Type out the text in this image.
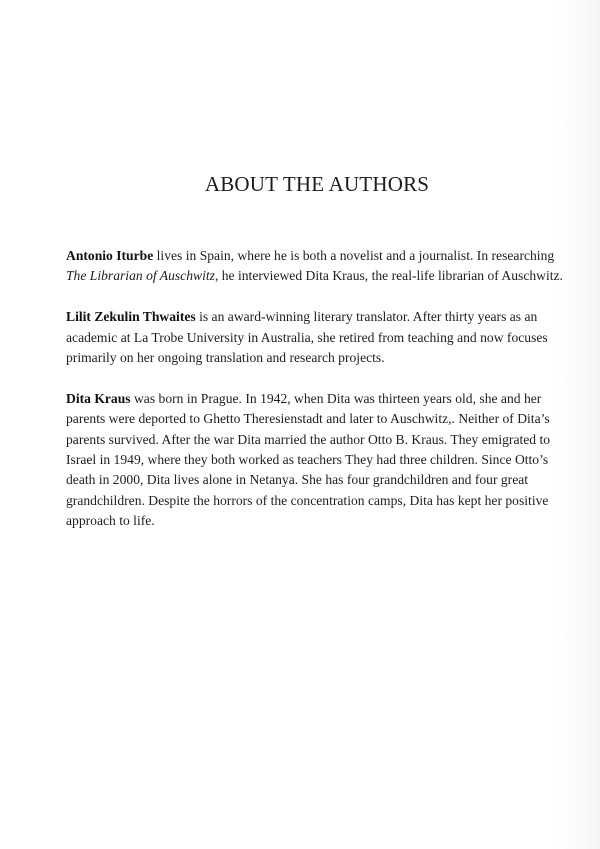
ABOUT THE AUTHORS

Antonio Iturbe lives in Spain, where he is both a novelist and a journalist. In researching The Librarian of Auschwitz, he interviewed Dita Kraus, the real-life librarian of Auschwitz.

Lilit Zekulin Thwaites is an award-winning literary translator. After thirty years as an academic at La Trobe University in Australia, she retired from teaching and now focuses primarily on her ongoing translation and research projects.

Dita Kraus was born in Prague. In 1942, when Dita was thirteen years old, she and her parents were deported to Ghetto Theresienstadt and later to Auschwitz,. Neither of Dita’s parents survived. After the war Dita married the author Otto B. Kraus. They emigrated to Israel in 1949, where they both worked as teachers They had three children. Since Otto’s death in 2000, Dita lives alone in Netanya. She has four grandchildren and four great grandchildren. Despite the horrors of the concentration camps, Dita has kept her positive approach to life.
